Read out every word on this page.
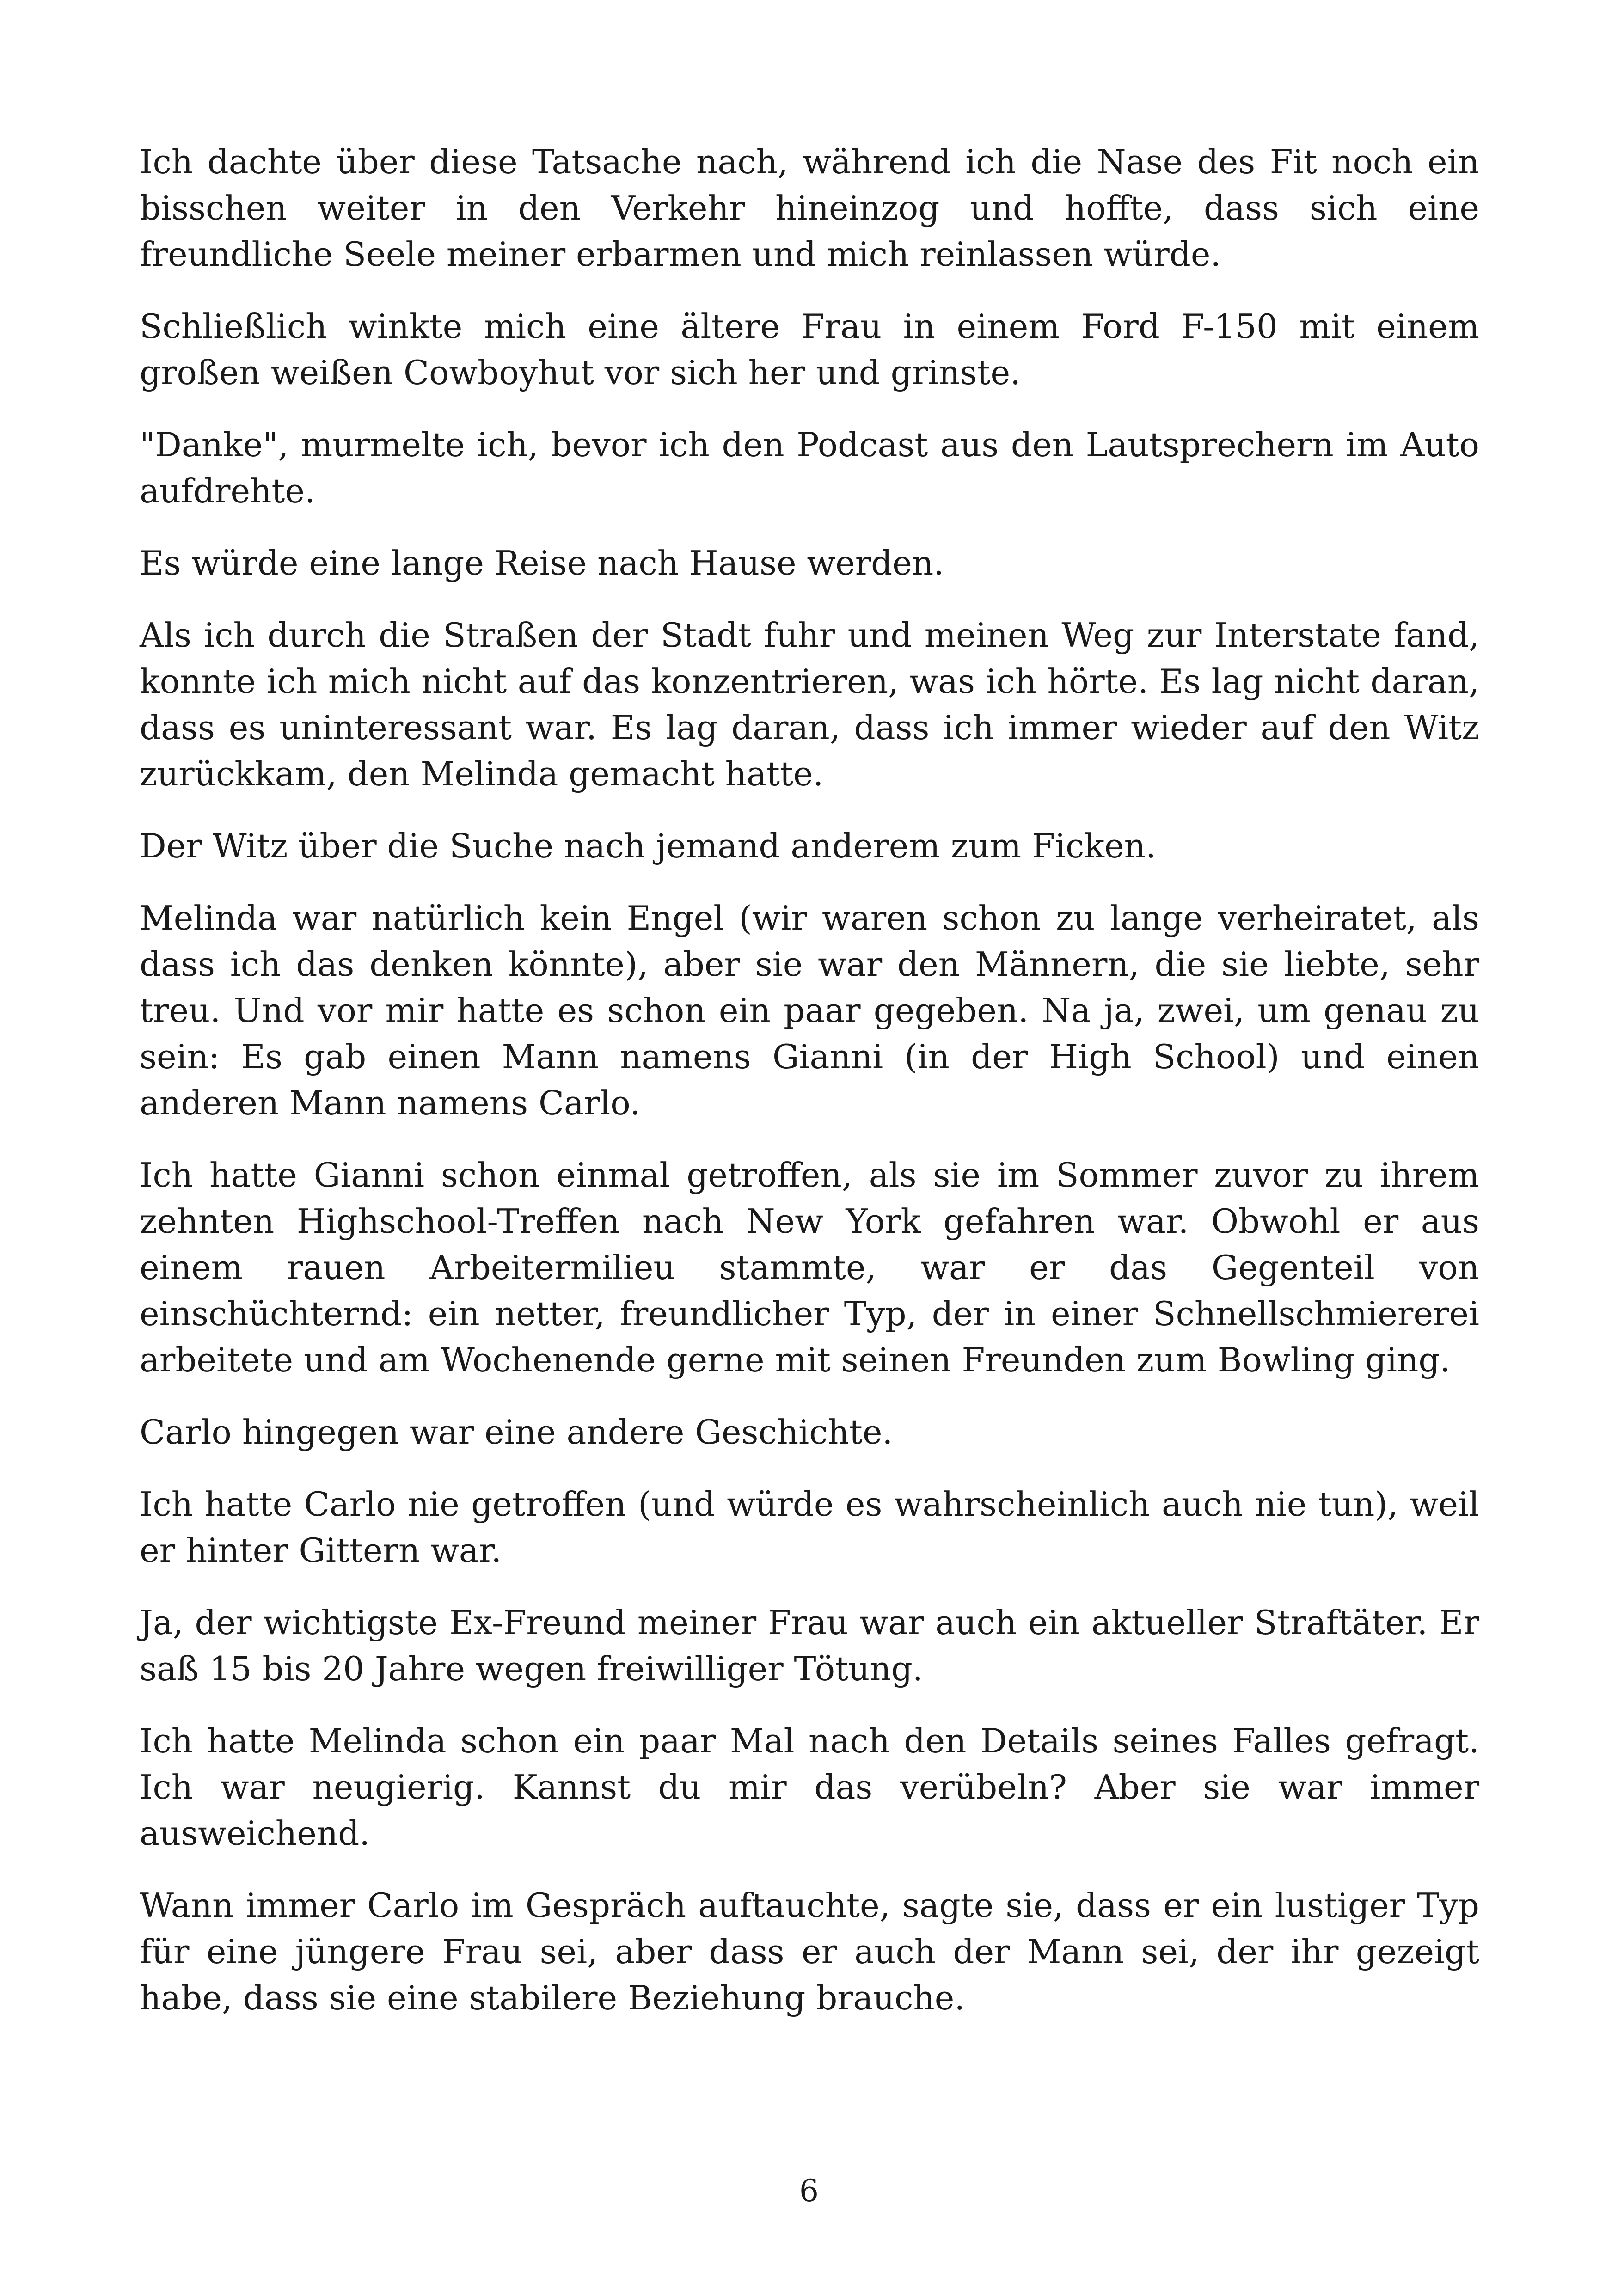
Ich dachte über diese Tatsache nach, während ich die Nase des Fit noch ein bisschen weiter in den Verkehr hineinzog und hoffte, dass sich eine freundliche Seele meiner erbarmen und mich reinlassen würde.

Schließlich winkte mich eine ältere Frau in einem Ford F-150 mit einem großen weißen Cowboyhut vor sich her und grinste.

"Danke", murmelte ich, bevor ich den Podcast aus den Lautsprechern im Auto aufdrehte.

Es würde eine lange Reise nach Hause werden.

Als ich durch die Straßen der Stadt fuhr und meinen Weg zur Interstate fand, konnte ich mich nicht auf das konzentrieren, was ich hörte. Es lag nicht daran, dass es uninteressant war. Es lag daran, dass ich immer wieder auf den Witz zurückkam, den Melinda gemacht hatte.

Der Witz über die Suche nach jemand anderem zum Ficken.

Melinda war natürlich kein Engel (wir waren schon zu lange verheiratet, als dass ich das denken könnte), aber sie war den Männern, die sie liebte, sehr treu. Und vor mir hatte es schon ein paar gegeben. Na ja, zwei, um genau zu sein: Es gab einen Mann namens Gianni (in der High School) und einen anderen Mann namens Carlo.

Ich hatte Gianni schon einmal getroffen, als sie im Sommer zuvor zu ihrem zehnten Highschool-Treffen nach New York gefahren war. Obwohl er aus einem rauen Arbeitermilieu stammte, war er das Gegenteil von einschüchternd: ein netter, freundlicher Typ, der in einer Schnellschmiererei arbeitete und am Wochenende gerne mit seinen Freunden zum Bowling ging.

Carlo hingegen war eine andere Geschichte.

Ich hatte Carlo nie getroffen (und würde es wahrscheinlich auch nie tun), weil er hinter Gittern war.

Ja, der wichtigste Ex-Freund meiner Frau war auch ein aktueller Straftäter. Er saß 15 bis 20 Jahre wegen freiwilliger Tötung.

Ich hatte Melinda schon ein paar Mal nach den Details seines Falles gefragt. Ich war neugierig. Kannst du mir das verübeln? Aber sie war immer ausweichend.

Wann immer Carlo im Gespräch auftauchte, sagte sie, dass er ein lustiger Typ für eine jüngere Frau sei, aber dass er auch der Mann sei, der ihr gezeigt habe, dass sie eine stabilere Beziehung brauche.

6
